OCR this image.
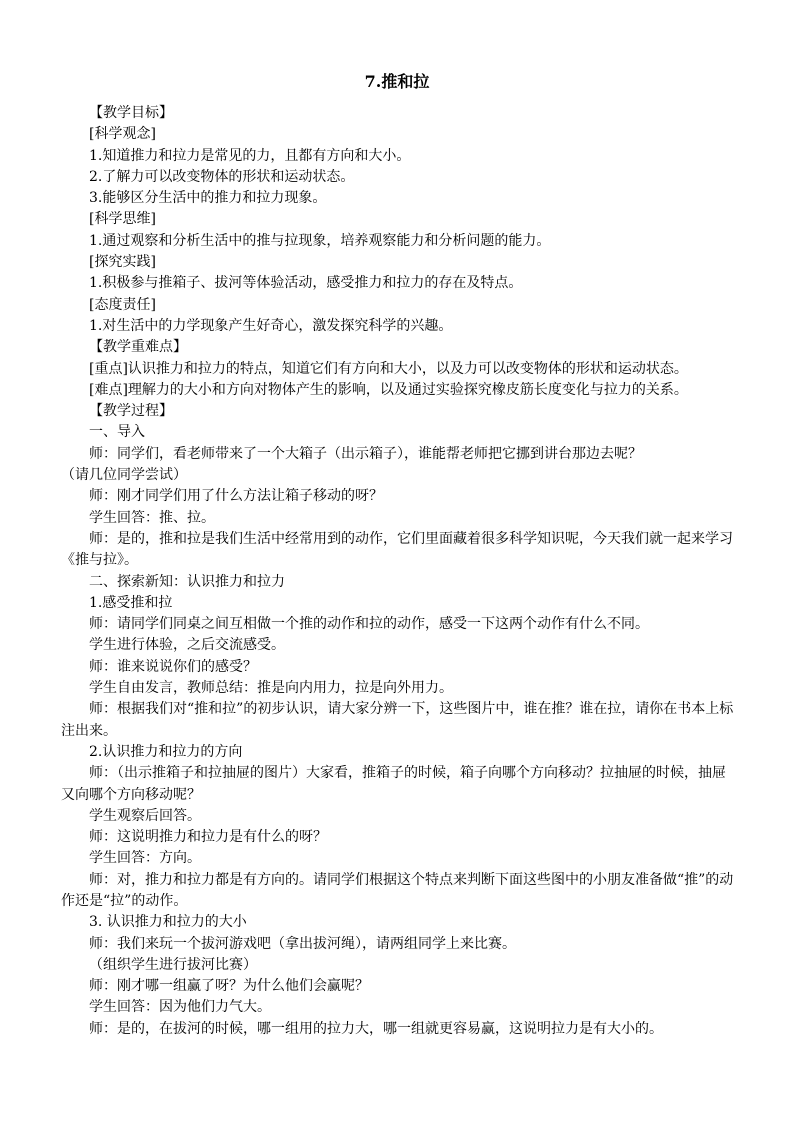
7.推和拉

【教学目标】

[科学观念]

1.知道推力和拉力是常见的力，且都有方向和大小。

2.了解力可以改变物体的形状和运动状态。

3.能够区分生活中的推力和拉力现象。

[科学思维]

1.通过观察和分析生活中的推与拉现象，培养观察能力和分析问题的能力。

[探究实践]

1.积极参与推箱子、拔河等体验活动，感受推力和拉力的存在及特点。

[态度责任]

1.对生活中的力学现象产生好奇心，激发探究科学的兴趣。

【教学重难点】

[重点]认识推力和拉力的特点，知道它们有方向和大小，以及力可以改变物体的形状和运动状态。

[难点]理解力的大小和方向对物体产生的影响，以及通过实验探究橡皮筋长度变化与拉力的关系。

【教学过程】

一、导入

师：同学们，看老师带来了一个大箱子（出示箱子），谁能帮老师把它挪到讲台那边去呢？

（请几位同学尝试）

师：刚才同学们用了什么方法让箱子移动的呀？

学生回答：推、拉。

师：是的，推和拉是我们生活中经常用到的动作，它们里面藏着很多科学知识呢，今天我们就一起来学习《推与拉》。

二、探索新知：认识推力和拉力

1.感受推和拉

师：请同学们同桌之间互相做一个推的动作和拉的动作，感受一下这两个动作有什么不同。

学生进行体验，之后交流感受。

师：谁来说说你们的感受？

学生自由发言，教师总结：推是向内用力，拉是向外用力。

师：根据我们对“推和拉”的初步认识，请大家分辨一下，这些图片中，谁在推？谁在拉，请你在书本上标注出来。

2.认识推力和拉力的方向

师：（出示推箱子和拉抽屉的图片）大家看，推箱子的时候，箱子向哪个方向移动？拉抽屉的时候，抽屉又向哪个方向移动呢？

学生观察后回答。

师：这说明推力和拉力是有什么的呀？

学生回答：方向。

师：对，推力和拉力都是有方向的。请同学们根据这个特点来判断下面这些图中的小朋友准备做“推”的动作还是“拉”的动作。

3. 认识推力和拉力的大小

师：我们来玩一个拔河游戏吧（拿出拔河绳），请两组同学上来比赛。

（组织学生进行拔河比赛）

师：刚才哪一组赢了呀？为什么他们会赢呢？

学生回答：因为他们力气大。

师：是的，在拔河的时候，哪一组用的拉力大，哪一组就更容易赢，这说明拉力是有大小的。
